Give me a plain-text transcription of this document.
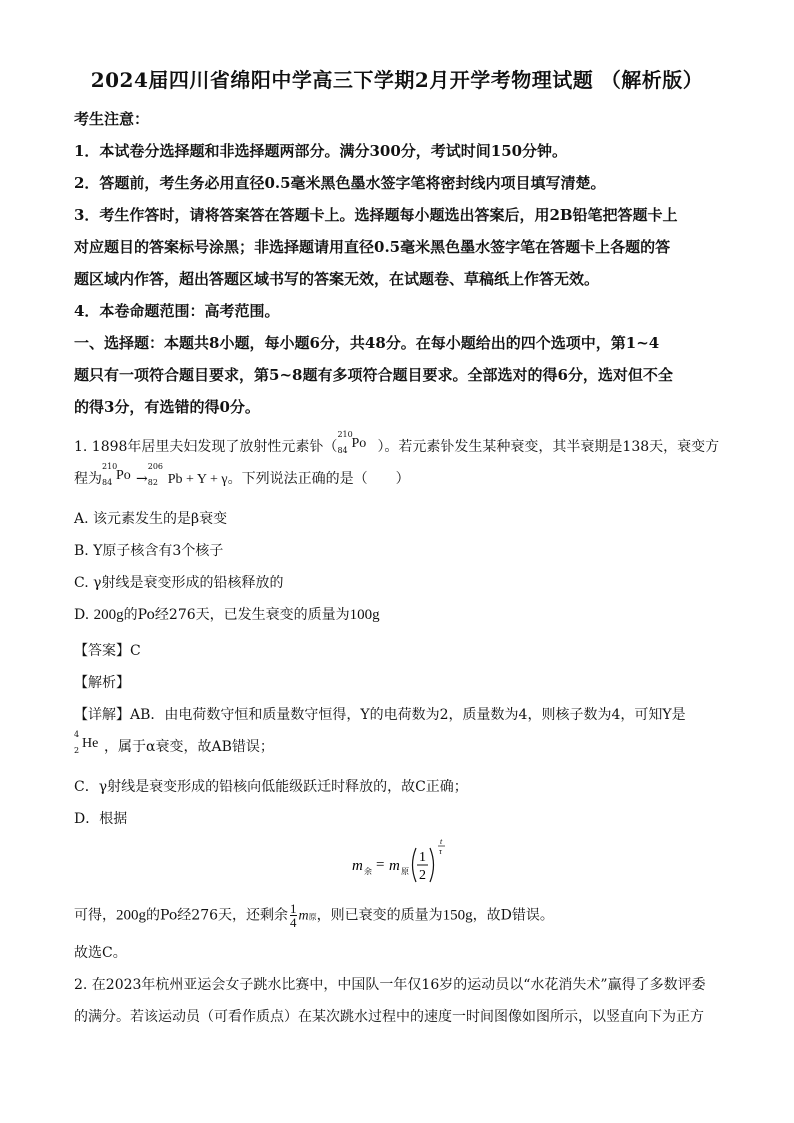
2024届四川省绵阳中学高三下学期2月开学考物理试题 （解析版）
考生注意：
1．本试卷分选择题和非选择题两部分。满分300分，考试时间150分钟。
2．答题前，考生务必用直径0.5毫米黑色墨水签字笔将密封线内项目填写清楚。
3．考生作答时，请将答案答在答题卡上。选择题每小题选出答案后，用2B铅笔把答题卡上
对应题目的答案标号涂黑；非选择题请用直径0.5毫米黑色墨水签字笔在答题卡上各题的答
题区域内作答，超出答题区域书写的答案无效，在试题卷、草稿纸上作答无效。
4．本卷命题范围：高考范围。
一、选择题：本题共8小题，每小题6分，共48分。在每小题给出的四个选项中，第1~4
题只有一项符合题目要求，第5~8题有多项符合题目要求。全部选对的得6分，选对但不全
的得3分，有选错的得0分。
1. 1898年居里夫妇发现了放射性元素钋（
210
84 Po ）。若元素钋发生某种衰变，其半衰期是138天，衰变方
程为
210
84 Po →
206
82 Pb + Y + γ。下列说法正确的是（　　）
A. 该元素发生的是β衰变
B. Y原子核含有3个核子
C. γ射线是衰变形成的铅核释放的
D. 200g的Po经276天，已发生衰变的质量为100g
【答案】C
【解析】
【详解】AB．由电荷数守恒和质量数守恒得，Y的电荷数为2，质量数为4，则核子数为4，可知Y是
4
2 He ，属于α衰变，故AB错误；
C．γ射线是衰变形成的铅核向低能级跃迁时释放的，故C正确；
D．根据
m 余 = m 原
1
2
t
τ
可得，200g的Po经276天，还剩余 $\frac{1}{4}$ m原，则已衰变的质量为150g，故D错误。
故选C。
2. 在2023年杭州亚运会女子跳水比赛中，中国队一年仅16岁的运动员以“水花消失术”赢得了多数评委
的满分。若该运动员（可看作质点）在某次跳水过程中的速度一时间图像如图所示，以竖直向下为正方
